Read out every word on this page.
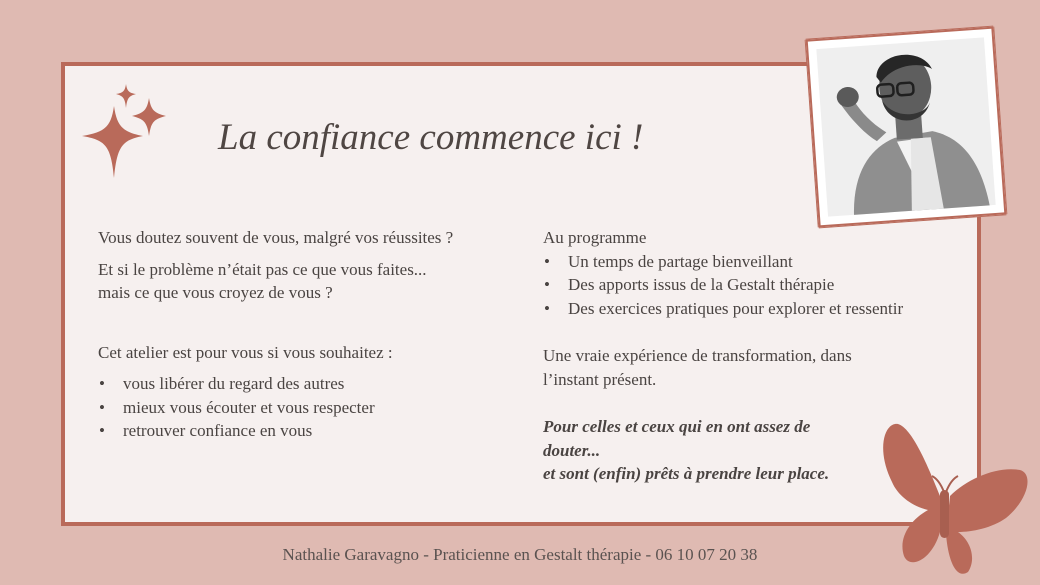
La confiance commence ici !

Vous doutez souvent de vous, malgré vos réussites ?

Et si le problème n’était pas ce que vous faites...

mais ce que vous croyez de vous ?

Cet atelier est pour vous si vous souhaitez :

• vous libérer du regard des autres
• mieux vous écouter et vous respecter
• retrouver confiance en vous

Au programme

• Un temps de partage bienveillant
• Des apports issus de la Gestalt thérapie
• Des exercices pratiques pour explorer et ressentir

Une vraie expérience de transformation, dans

l’instant présent.

Pour celles et ceux qui en ont assez de

douter...

et sont (enfin) prêts à prendre leur place.

Nathalie Garavagno - Praticienne en Gestalt thérapie - 06 10 07 20 38
